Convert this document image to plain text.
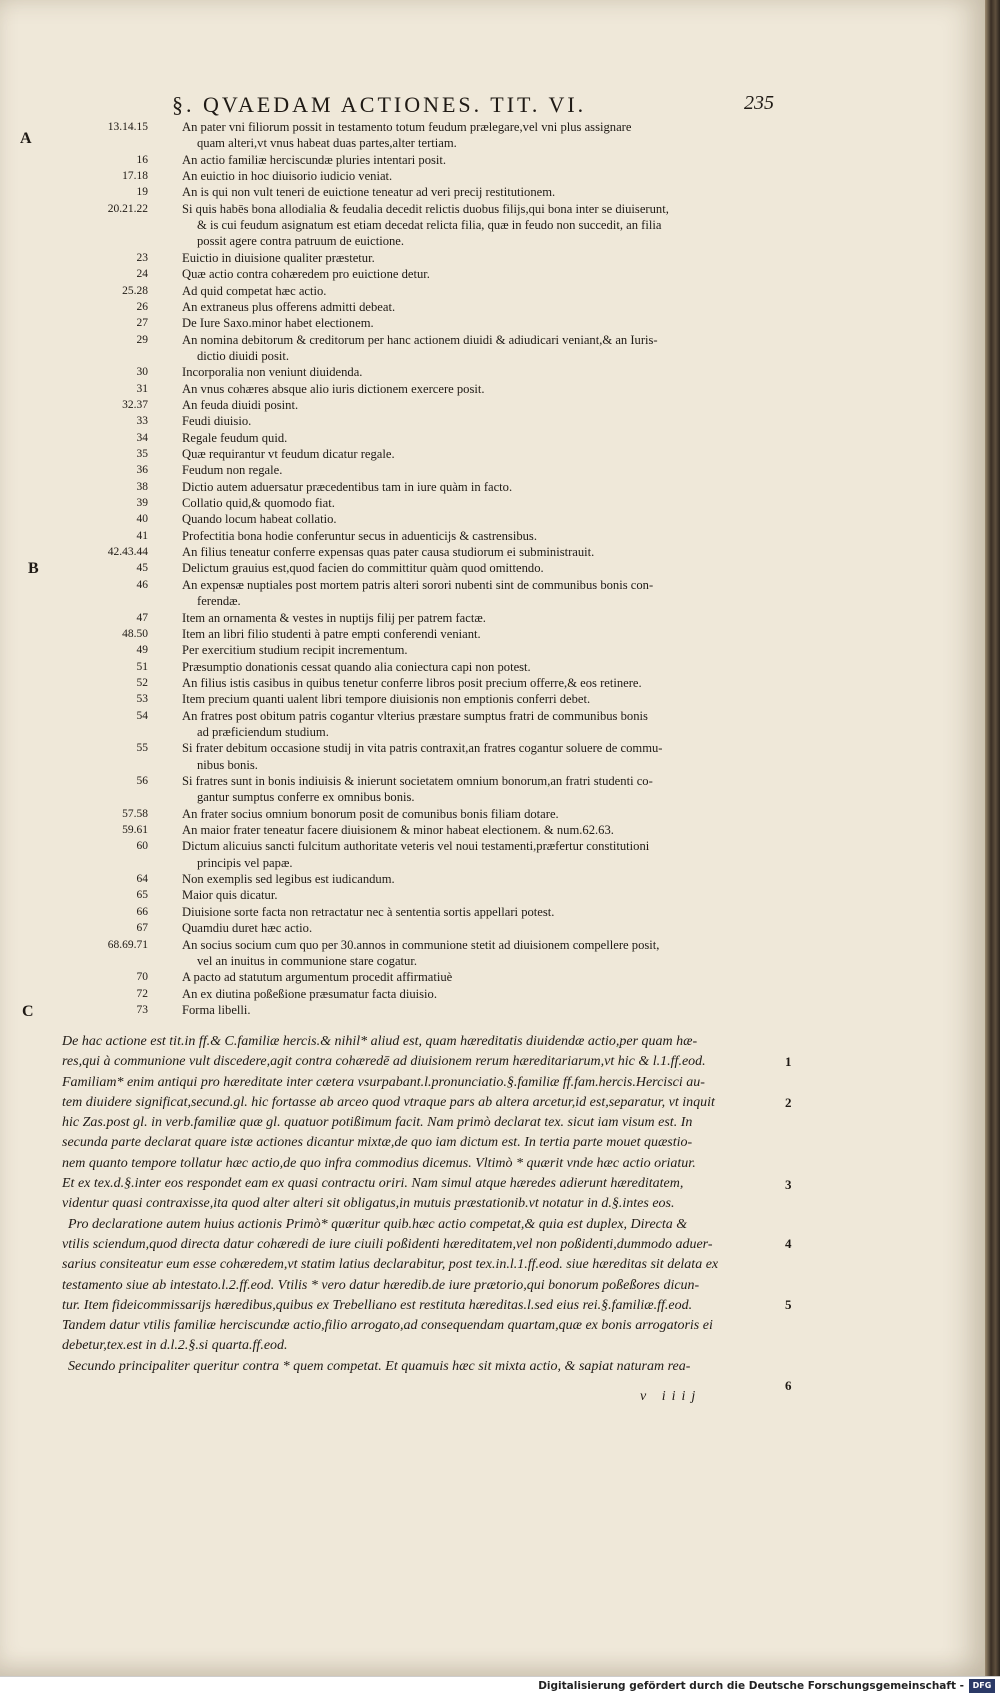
§. QVAEDAM ACTIONES. TIT. VI.	235
A
B
C
13.14.15	An pater vni filiorum possit in testamento totum feudum prælegare,vel vni plus assignare
quam alteri,vt vnus habeat duas partes,alter tertiam.
16	An actio familiæ herciscundæ pluries intentari posit.
17.18	An euictio in hoc diuisorio iudicio veniat.
19	An is qui non vult teneri de euictione teneatur ad veri precij restitutionem.
20.21.22	Si quis habēs bona allodialia & feudalia decedit relictis duobus filijs,qui bona inter se diuiserunt,
& is cui feudum asignatum est etiam decedat relicta filia, quæ in feudo non succedit, an filia
possit agere contra patruum de euictione.
23	Euictio in diuisione qualiter præstetur.
24	Quæ actio contra cohæredem pro euictione detur.
25.28	Ad quid competat hæc actio.
26	An extraneus plus offerens admitti debeat.
27	De Iure Saxo.minor habet electionem.
29	An nomina debitorum & creditorum per hanc actionem diuidi & adiudicari veniant,& an Iuris-
dictio diuidi posit.
30	Incorporalia non veniunt diuidenda.
31	An vnus cohæres absque alio iuris dictionem exercere posit.
32.37	An feuda diuidi posint.
33	Feudi diuisio.
34	Regale feudum quid.
35	Quæ requirantur vt feudum dicatur regale.
36	Feudum non regale.
38	Dictio autem aduersatur præcedentibus tam in iure quàm in facto.
39	Collatio quid,& quomodo fiat.
40	Quando locum habeat collatio.
41	Profectitia bona hodie conferuntur secus in aduenticijs & castrensibus.
42.43.44	An filius teneatur conferre expensas quas pater causa studiorum ei subministrauit.
45	Delictum grauius est,quod facien do committitur quàm quod omittendo.
46	An expensæ nuptiales post mortem patris alteri sorori nubenti sint de communibus bonis con-
ferendæ.
47	Item an ornamenta & vestes in nuptijs filij per patrem factæ.
48.50	Item an libri filio studenti à patre empti conferendi veniant.
49	Per exercitium studium recipit incrementum.
51	Præsumptio donationis cessat quando alia coniectura capi non potest.
52	An filius istis casibus in quibus tenetur conferre libros posit precium offerre,& eos retinere.
53	Item precium quanti ualent libri tempore diuisionis non emptionis conferri debet.
54	An fratres post obitum patris cogantur vlterius præstare sumptus fratri de communibus bonis
ad præficiendum studium.
55	Si frater debitum occasione studij in vita patris contraxit,an fratres cogantur soluere de commu-
nibus bonis.
56	Si fratres sunt in bonis indiuisis & inierunt societatem omnium bonorum,an fratri studenti co-
gantur sumptus conferre ex omnibus bonis.
57.58	An frater socius omnium bonorum posit de comunibus bonis filiam dotare.
59.61	An maior frater teneatur facere diuisionem & minor habeat electionem. & num.62.63.
60	Dictum alicuius sancti fulcitum authoritate veteris vel noui testamenti,præfertur constitutioni
principis vel papæ.
64	Non exemplis sed legibus est iudicandum.
65	Maior quis dicatur.
66	Diuisione sorte facta non retractatur nec à sententia sortis appellari potest.
67	Quamdiu duret hæc actio.
68.69.71	An socius socium cum quo per 30.annos in communione stetit ad diuisionem compellere posit,
vel an inuitus in communione stare cogatur.
70	A pacto ad statutum argumentum procedit affirmatiuè
72	An ex diutina poßeßione præsumatur facta diuisio.
73	Forma libelli.

De hac actione est tit.in ff.& C.familiæ hercis.& nihil* aliud est, quam hæreditatis diuidendæ actio,per quam hæ-

res,qui à communione vult discedere,agit contra cohæredē ad diuisionem rerum hæreditariarum,vt hic & l.1.ff.eod.

Familiam* enim antiqui pro hæreditate inter cætera vsurpabant.l.pronunciatio.§.familiæ ff.fam.hercis.Hercisci au-

tem diuidere significat,secund.gl. hic fortasse ab arceo quod vtraque pars ab altera arcetur,id est,separatur, vt inquit

hic Zas.post gl. in verb.familiæ quæ gl. quatuor potißimum facit. Nam primò declarat tex. sicut iam visum est. In

secunda parte declarat quare istæ actiones dicantur mixtæ,de quo iam dictum est. In tertia parte mouet quæstio-

nem quanto tempore tollatur hæc actio,de quo infra commodius dicemus. Vltimò * quærit vnde hæc actio oriatur.

Et ex tex.d.§.inter eos respondet eam ex quasi contractu oriri. Nam simul atque hæredes adierunt hæreditatem,

videntur quasi contraxisse,ita quod alter alteri sit obligatus,in mutuis præstationib.vt notatur in d.§.intes eos.

Pro declaratione autem huius actionis Primò* quæritur quib.hæc actio competat,& quia est duplex, Directa &

vtilis sciendum,quod directa datur cohæredi de iure ciuili poßidenti hæreditatem,vel non poßidenti,dummodo aduer-

sarius consiteatur eum esse cohæredem,vt statim latius declarabitur, post tex.in.l.1.ff.eod. siue hæreditas sit delata ex

testamento siue ab intestato.l.2.ff.eod. Vtilis * vero datur hæredib.de iure prætorio,qui bonorum poßeßores dicun-

tur. Item fideicommissarijs hæredibus,quibus ex Trebelliano est restituta hæreditas.l.sed eius rei.§.familiæ.ff.eod.

Tandem datur vtilis familiæ herciscundæ actio,filio arrogato,ad consequendam quartam,quæ ex bonis arrogatoris ei

debetur,tex.est in d.l.2.§.si quarta.ff.eod.

Secundo principaliter queritur contra * quem competat. Et quamuis hæc sit mixta actio, & sapiat naturam rea-

1
2
3
4
5
6
v iiij
Digitalisierung gefördert durch die Deutsche Forschungsgemeinschaft -	DFG
